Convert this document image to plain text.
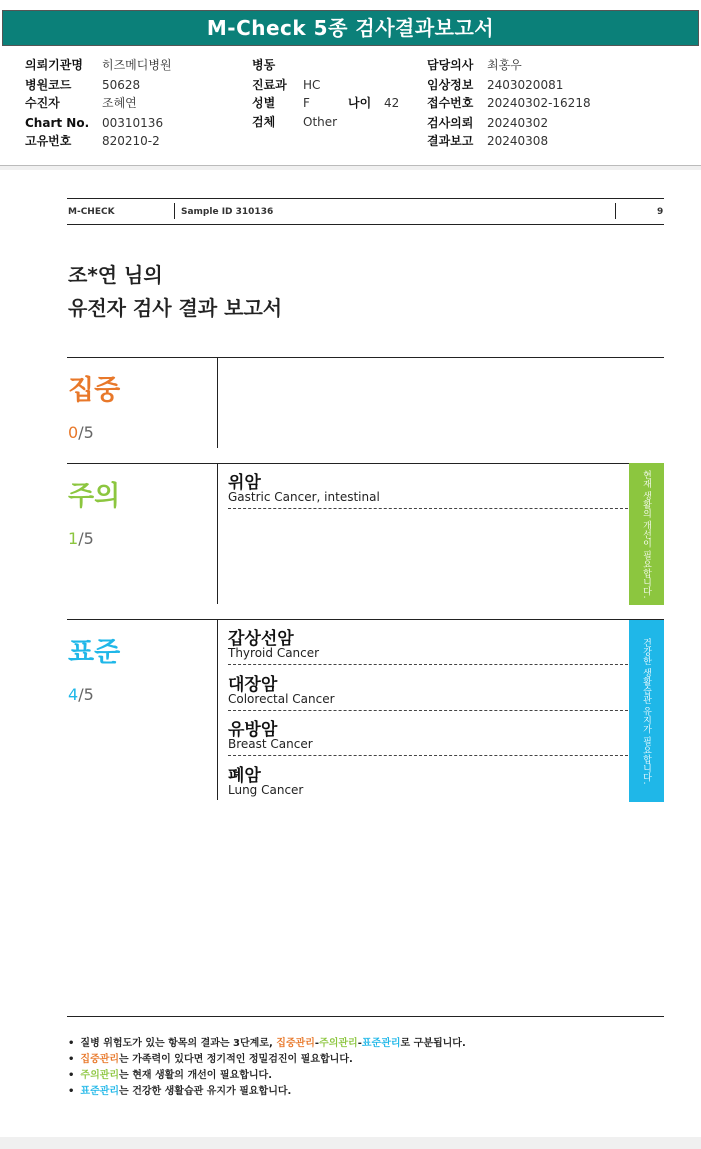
M-Check 5종 검사결과보고서
의뢰기관명 히즈메디병원
병원코드	50628
수진자	조혜연
Chart No. 00310136
고유번호	820210-2
병동
진료과 HC
성별 F	나이 42
검체 Other
담당의사 최홍우
임상정보 2403020081
접수번호 20240302-16218
검사의뢰 20240302
결과보고 20240308
M-CHECK	Sample ID 310136	9
조*연 님의
유전자 검사 결과 보고서
집중
0/5
주의
1/5
위암
Gastric Cancer, intestinal	현재 생활의 개선이 필요합니다.
표준
4/5
갑상선암
Thyroid Cancer
대장암
Colorectal Cancer
유방암
Breast Cancer
폐암
Lung Cancer
건강한 생활습관 유지가 필요합니다.
• 질병 위험도가 있는 항목의 결과는 3단계로, 집중관리-주의관리-표준관리로 구분됩니다.
• 집중관리는 가족력이 있다면 정기적인 정밀검진이 필요합니다.
• 주의관리는 현재 생활의 개선이 필요합니다.
• 표준관리는 건강한 생활습관 유지가 필요합니다.
